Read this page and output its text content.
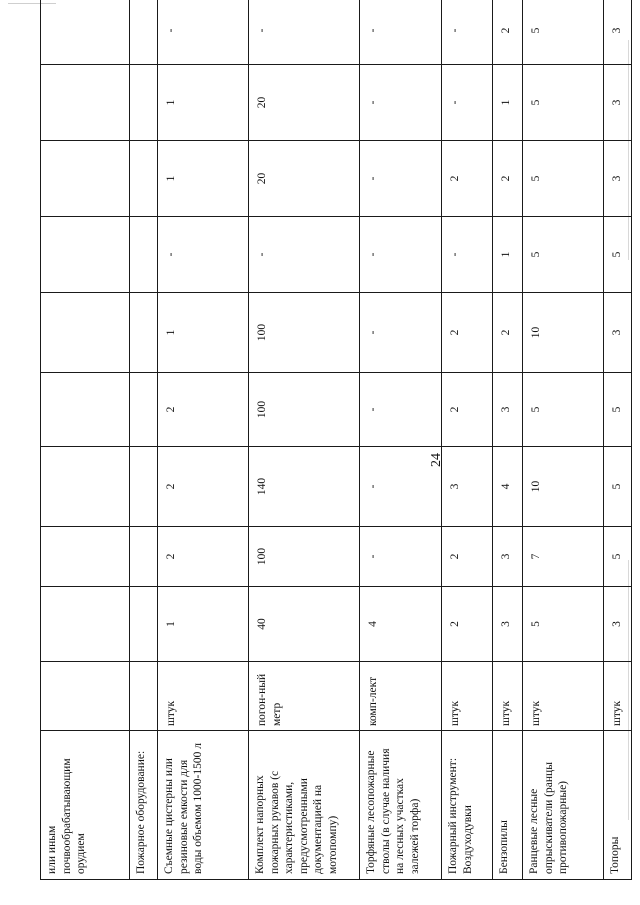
24
или иным почвообрабатывающим орудием											
Пожарное оборудование:											
Съемные цистерны или резиновые емкости для воды объемом 1000-1500 л	штук	1	2	2	2	1	-	1	1	-	
Комплект напорных пожарных рукавов (с характеристиками, предусмотренными документацией на мотопомпу)	погон-ный метр	40	100	140	100	100	-	20	20	-	
Торфяные лесопожарные стволы (в случае наличия на лесных участках залежей торфа)	комп-лект	4	-	-	-	-	-	-	-	-	
Пожарный инструмент: Воздуходувки	штук	2	2	3	2	2	-	2	-	-	
Бензопилы	штук	3	3	4	3	2	1	2	1	2	
Ранцевые лесные опрыскиватели (ранцы противопожарные)	штук	5	7	10	5	10	5	5	5	5	
Топоры	штук	3	5	5	5	3	5	3	3	3	
